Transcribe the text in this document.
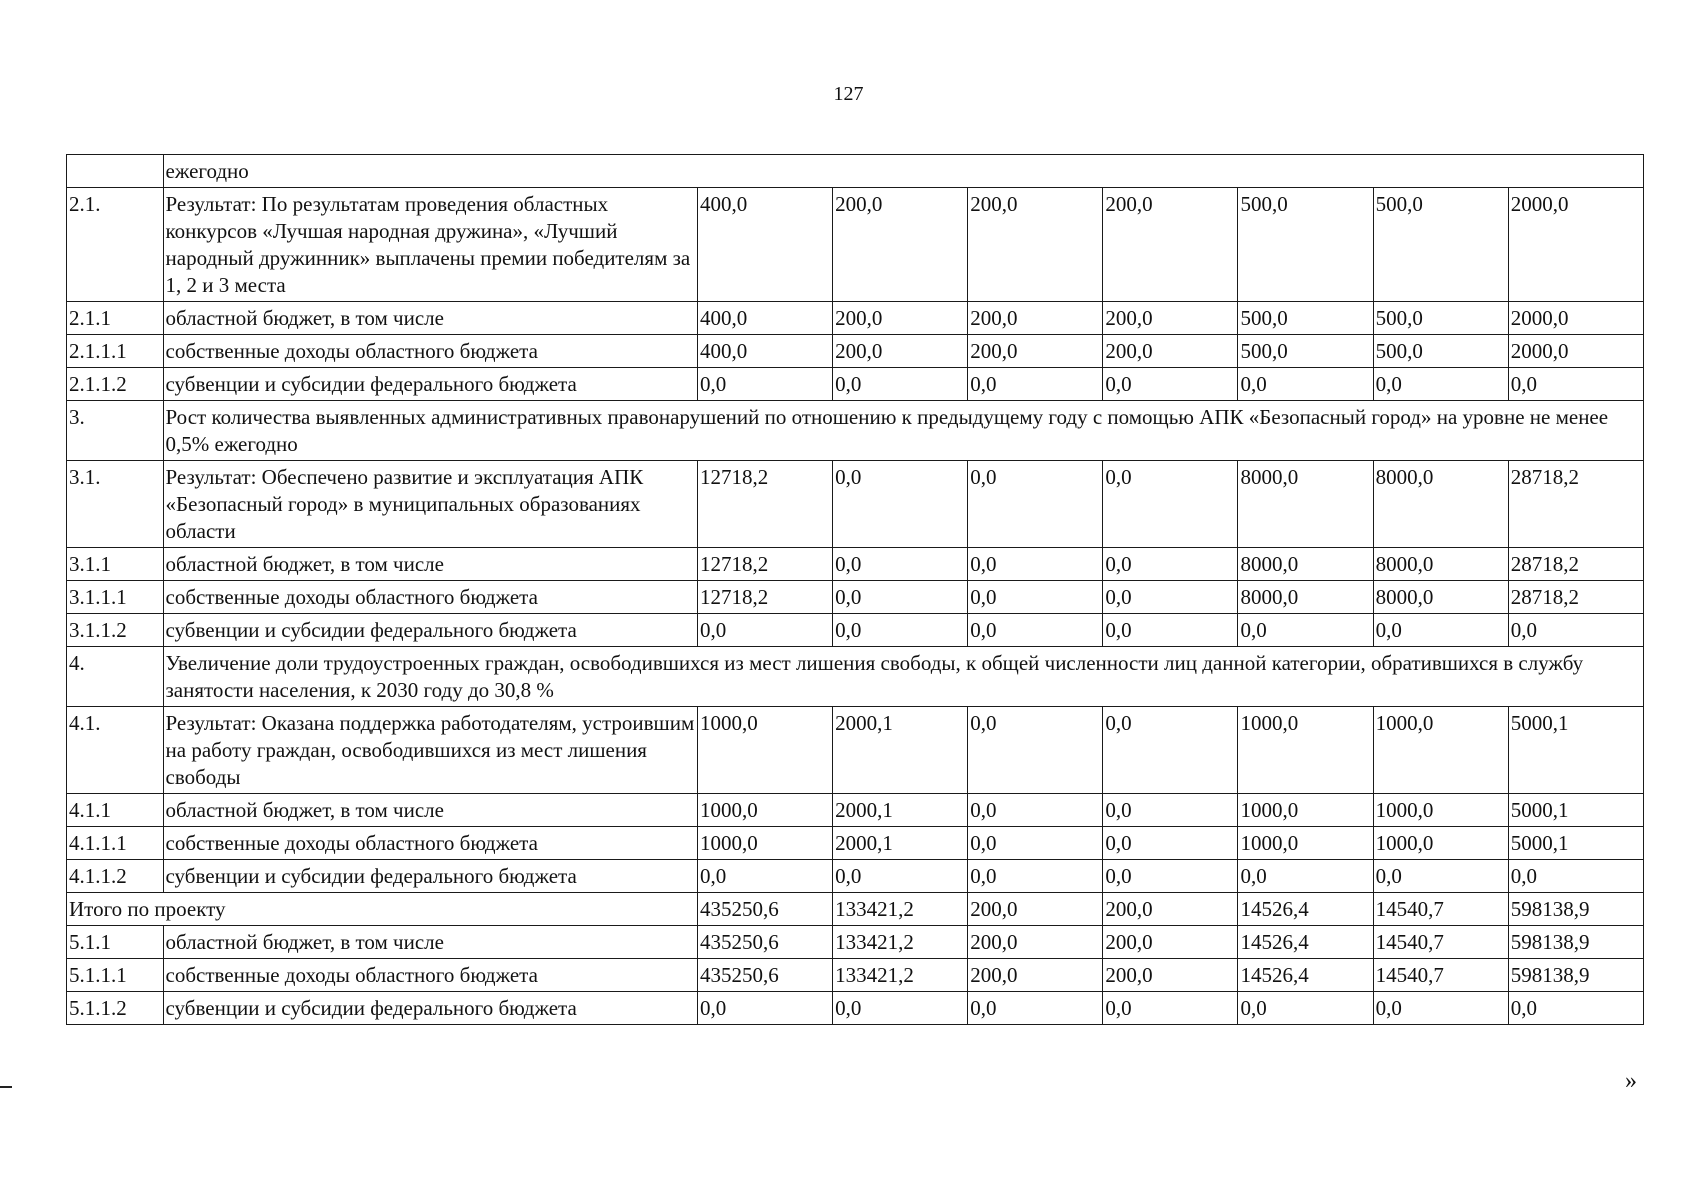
127
	ежегодно							
2.1.	Результат: По результатам проведения областных конкурсов «Лучшая народная дружина», «Лучший народный дружинник» выплачены премии победителям за 1, 2 и 3 места	400,0	200,0	200,0	200,0	500,0	500,0	2000,0
2.1.1	областной бюджет, в том числе	400,0	200,0	200,0	200,0	500,0	500,0	2000,0
2.1.1.1	собственные доходы областного бюджета	400,0	200,0	200,0	200,0	500,0	500,0	2000,0
2.1.1.2	субвенции и субсидии федерального бюджета	0,0	0,0	0,0	0,0	0,0	0,0	0,0
3.	Рост количества выявленных административных правонарушений по отношению к предыдущему году с помощью АПК «Безопасный город» на уровне не менее 0,5% ежегодно							
3.1.	Результат: Обеспечено развитие и эксплуатация АПК «Безопасный город» в муниципальных образованиях области	12718,2	0,0	0,0	0,0	8000,0	8000,0	28718,2
3.1.1	областной бюджет, в том числе	12718,2	0,0	0,0	0,0	8000,0	8000,0	28718,2
3.1.1.1	собственные доходы областного бюджета	12718,2	0,0	0,0	0,0	8000,0	8000,0	28718,2
3.1.1.2	субвенции и субсидии федерального бюджета	0,0	0,0	0,0	0,0	0,0	0,0	0,0
4.	Увеличение доли трудоустроенных граждан, освободившихся из мест лишения свободы, к общей численности лиц данной категории, обратившихся в службу занятости населения, к 2030 году до 30,8 %							
4.1.	Результат: Оказана поддержка работодателям, устроившим на работу граждан, освободившихся из мест лишения свободы	1000,0	2000,1	0,0	0,0	1000,0	1000,0	5000,1
4.1.1	областной бюджет, в том числе	1000,0	2000,1	0,0	0,0	1000,0	1000,0	5000,1
4.1.1.1	собственные доходы областного бюджета	1000,0	2000,1	0,0	0,0	1000,0	1000,0	5000,1
4.1.1.2	субвенции и субсидии федерального бюджета	0,0	0,0	0,0	0,0	0,0	0,0	0,0
Итого по проекту		435250,6	133421,2	200,0	200,0	14526,4	14540,7	598138,9
5.1.1	областной бюджет, в том числе	435250,6	133421,2	200,0	200,0	14526,4	14540,7	598138,9
5.1.1.1	собственные доходы областного бюджета	435250,6	133421,2	200,0	200,0	14526,4	14540,7	598138,9
5.1.1.2	субвенции и субсидии федерального бюджета	0,0	0,0	0,0	0,0	0,0	0,0	0,0
»
